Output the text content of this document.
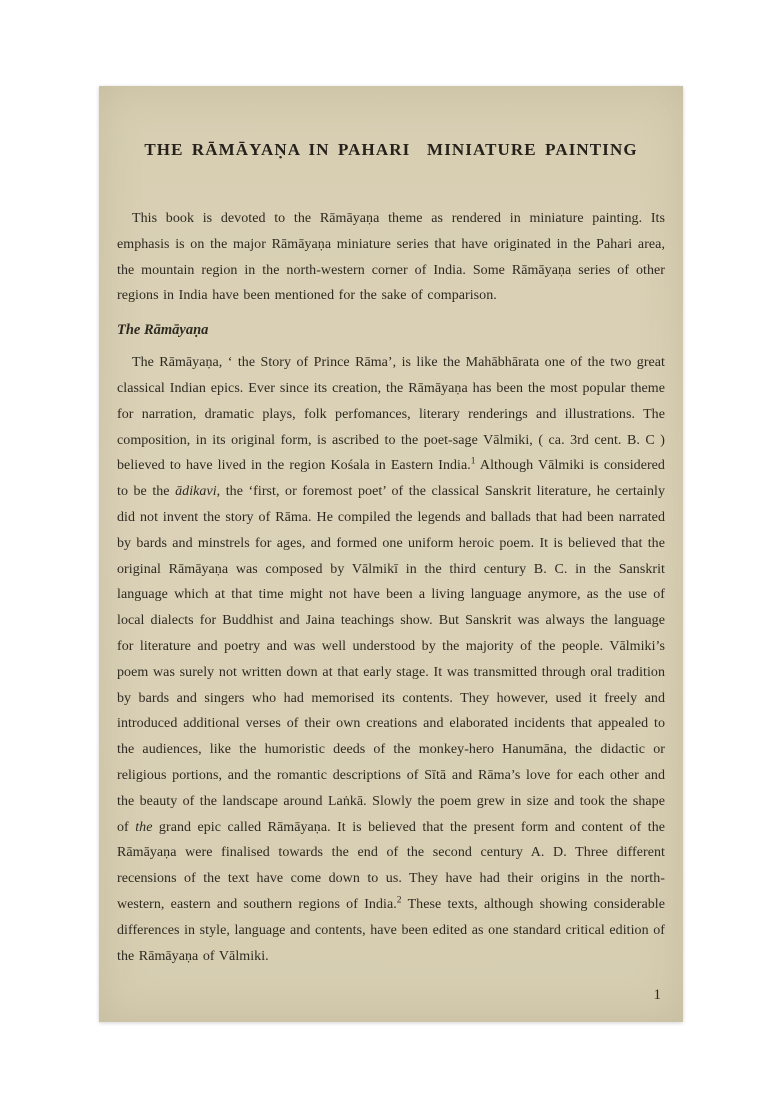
THE RĀMĀYAṆA IN PAHARI  MINIATURE PAINTING

This book is devoted to the Rāmāyaṇa theme as rendered in miniature painting. Its emphasis is on the major Rāmāyaṇa miniature series that have originated in the Pahari area, the mountain region in the north-western corner of India. Some Rāmāyaṇa series of other regions in India have been mentioned for the sake of comparison.

The Rāmāyaṇa

The Rāmāyaṇa, ‘ the Story of Prince Rāma’, is like the Mahābhārata one of the two great classical Indian epics. Ever since its creation, the Rāmāyaṇa has been the most popular theme for narration, dramatic plays, folk perfomances, literary renderings and illustrations. The composition, in its original form, is ascribed to the poet-sage Vālmiki, ( ca. 3rd cent. B. C ) believed to have lived in the region Kośala in Eastern India.$^1$ Although Vālmiki is considered to be the ādikavi, the ‘first, or foremost poet’ of the classical Sanskrit literature, he certainly did not invent the story of Rāma. He compiled the legends and ballads that had been narrated by bards and minstrels for ages, and formed one uniform heroic poem. It is believed that the original Rāmāyaṇa was composed by Vālmikī in the third century B. C. in the Sanskrit language which at that time might not have been a living language anymore, as the use of local dialects for Buddhist and Jaina teachings show. But Sanskrit was always the language for literature and poetry and was well understood by the majority of the people. Vālmiki’s poem was surely not written down at that early stage. It was transmitted through oral tradition by bards and singers who had memorised its contents. They however, used it freely and introduced additional verses of their own creations and elaborated incidents that appealed to the audiences, like the humoristic deeds of the monkey-hero Hanumāna, the didactic or religious portions, and the romantic descriptions of Sītā and Rāma’s love for each other and the beauty of the landscape around Laṅkā. Slowly the poem grew in size and took the shape of the grand epic called Rāmāyaṇa. It is believed that the present form and content of the Rāmāyaṇa were finalised towards the end of the second century A. D. Three different recensions of the text have come down to us. They have had their origins in the north-western, eastern and southern regions of India.$^2$ These texts, although showing considerable differences in style, language and contents, have been edited as one standard critical edition of the Rāmāyaṇa of Vālmiki.

1
